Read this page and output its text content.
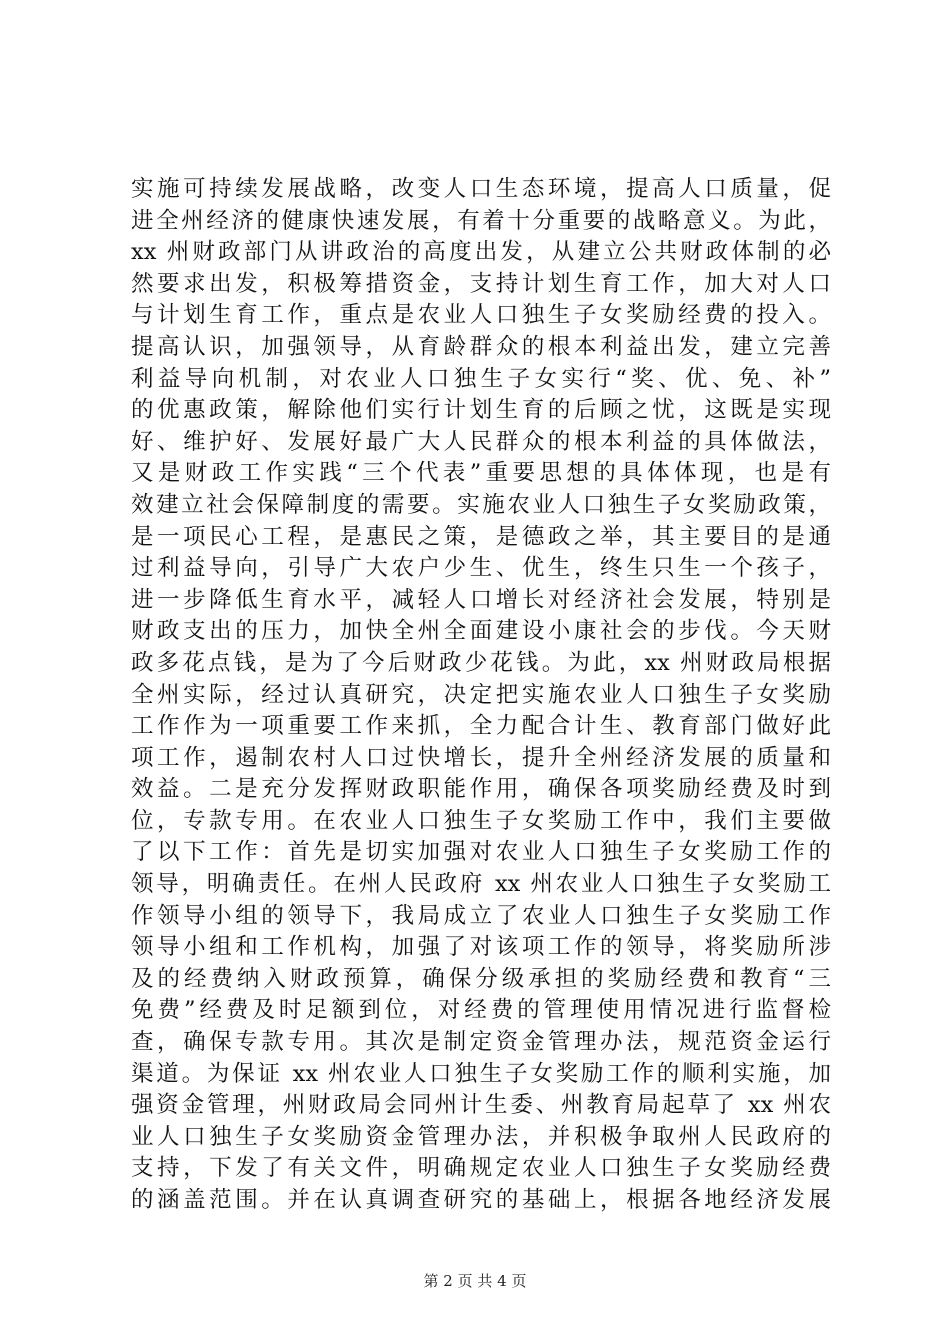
实施可持续发展战略，改变人口生态环境，提高人口质量，促
进全州经济的健康快速发展，有着十分重要的战略意义。为此，
xx 州财政部门从讲政治的高度出发，从建立公共财政体制的必
然要求出发，积极筹措资金，支持计划生育工作，加大对人口
与计划生育工作，重点是农业人口独生子女奖励经费的投入。
提高认识，加强领导，从育龄群众的根本利益出发，建立完善
利益导向机制，对农业人口独生子女实行“奖、优、免、补”
的优惠政策，解除他们实行计划生育的后顾之忧，这既是实现
好、维护好、发展好最广大人民群众的根本利益的具体做法，
又是财政工作实践“三个代表”重要思想的具体体现，也是有
效建立社会保障制度的需要。实施农业人口独生子女奖励政策，
是一项民心工程，是惠民之策，是德政之举，其主要目的是通
过利益导向，引导广大农户少生、优生，终生只生一个孩子，
进一步降低生育水平，减轻人口增长对经济社会发展，特别是
财政支出的压力，加快全州全面建设小康社会的步伐。今天财
政多花点钱，是为了今后财政少花钱。为此，xx 州财政局根据
全州实际，经过认真研究，决定把实施农业人口独生子女奖励
工作作为一项重要工作来抓，全力配合计生、教育部门做好此
项工作，遏制农村人口过快增长，提升全州经济发展的质量和
效益。二是充分发挥财政职能作用，确保各项奖励经费及时到
位，专款专用。在农业人口独生子女奖励工作中，我们主要做
了以下工作：首先是切实加强对农业人口独生子女奖励工作的
领导，明确责任。在州人民政府 xx 州农业人口独生子女奖励工
作领导小组的领导下，我局成立了农业人口独生子女奖励工作
领导小组和工作机构，加强了对该项工作的领导，将奖励所涉
及的经费纳入财政预算，确保分级承担的奖励经费和教育“三
免费”经费及时足额到位，对经费的管理使用情况进行监督检
查，确保专款专用。其次是制定资金管理办法，规范资金运行
渠道。为保证 xx 州农业人口独生子女奖励工作的顺利实施，加
强资金管理，州财政局会同州计生委、州教育局起草了 xx 州农
业人口独生子女奖励资金管理办法，并积极争取州人民政府的
支持，下发了有关文件，明确规定农业人口独生子女奖励经费
的涵盖范围。并在认真调查研究的基础上，根据各地经济发展
第 2 页 共 4 页
